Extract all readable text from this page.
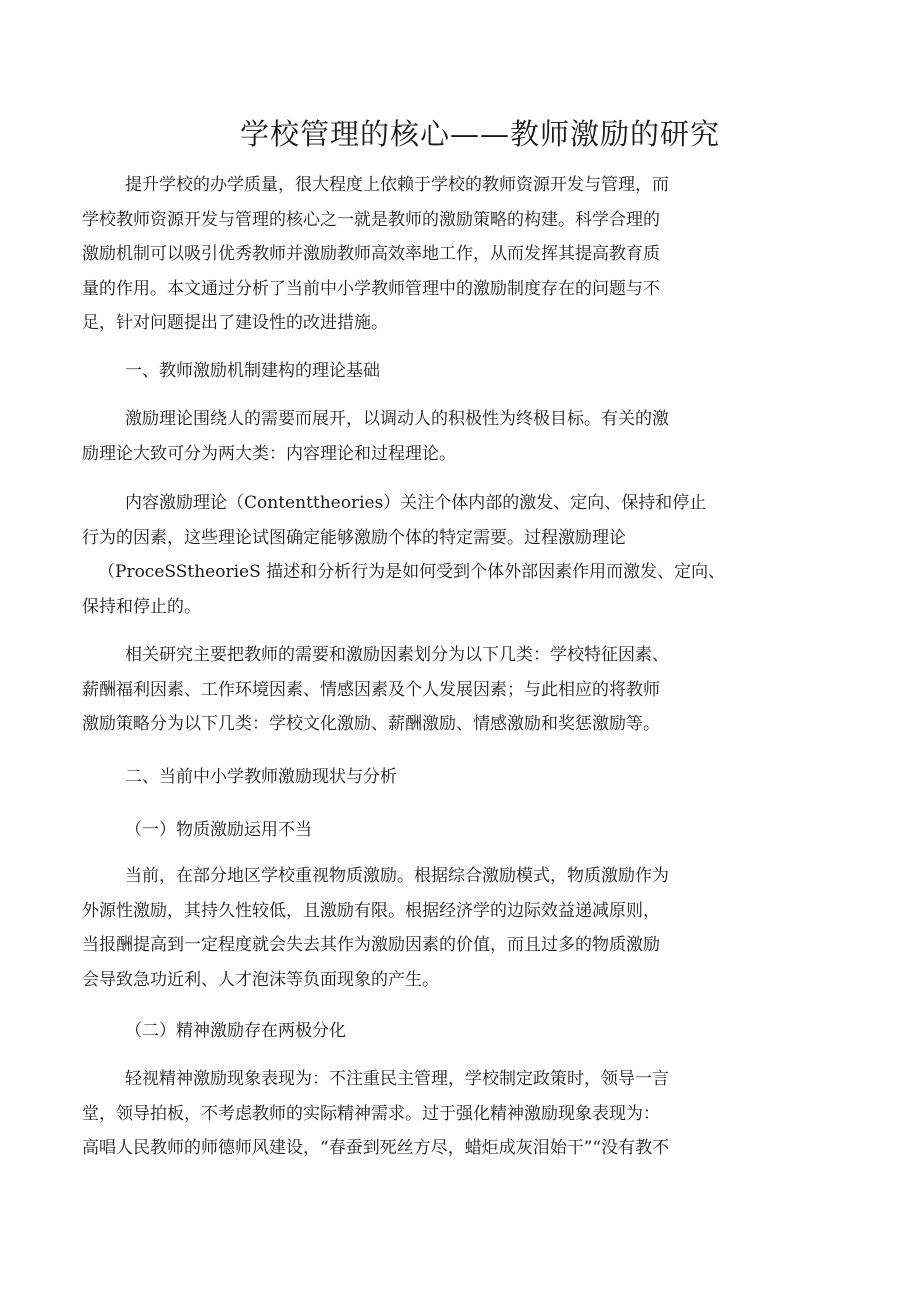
学校管理的核心——教师激励的研究

提升学校的办学质量，很大程度上依赖于学校的教师资源开发与管理，而
学校教师资源开发与管理的核心之一就是教师的激励策略的构建。科学合理的
激励机制可以吸引优秀教师并激励教师高效率地工作，从而发挥其提高教育质
量的作用。本文通过分析了当前中小学教师管理中的激励制度存在的问题与不
足，针对问题提出了建设性的改进措施。

一、教师激励机制建构的理论基础

激励理论围绕人的需要而展开，以调动人的积极性为终极目标。有关的激
励理论大致可分为两大类：内容理论和过程理论。

内容激励理论（Contenttheories）关注个体内部的激发、定向、保持和停止
行为的因素，这些理论试图确定能够激励个体的特定需要。过程激励理论
（ProceSStheorieS 描述和分析行为是如何受到个体外部因素作用而激发、定向、
保持和停止的。

相关研究主要把教师的需要和激励因素划分为以下几类：学校特征因素、
薪酬福利因素、工作环境因素、情感因素及个人发展因素；与此相应的将教师
激励策略分为以下几类：学校文化激励、薪酬激励、情感激励和奖惩激励等。

二、当前中小学教师激励现状与分析
（一）物质激励运用不当

当前，在部分地区学校重视物质激励。根据综合激励模式，物质激励作为
外源性激励，其持久性较低，且激励有限。根据经济学的边际效益递减原则，
当报酬提高到一定程度就会失去其作为激励因素的价值，而且过多的物质激励
会导致急功近利、人才泡沫等负面现象的产生。

（二）精神激励存在两极分化

轻视精神激励现象表现为：不注重民主管理，学校制定政策时，领导一言
堂，领导拍板，不考虑教师的实际精神需求。过于强化精神激励现象表现为：
高唱人民教师的师德师风建设，“春蚕到死丝方尽，蜡炬成灰泪始干”“没有教不
